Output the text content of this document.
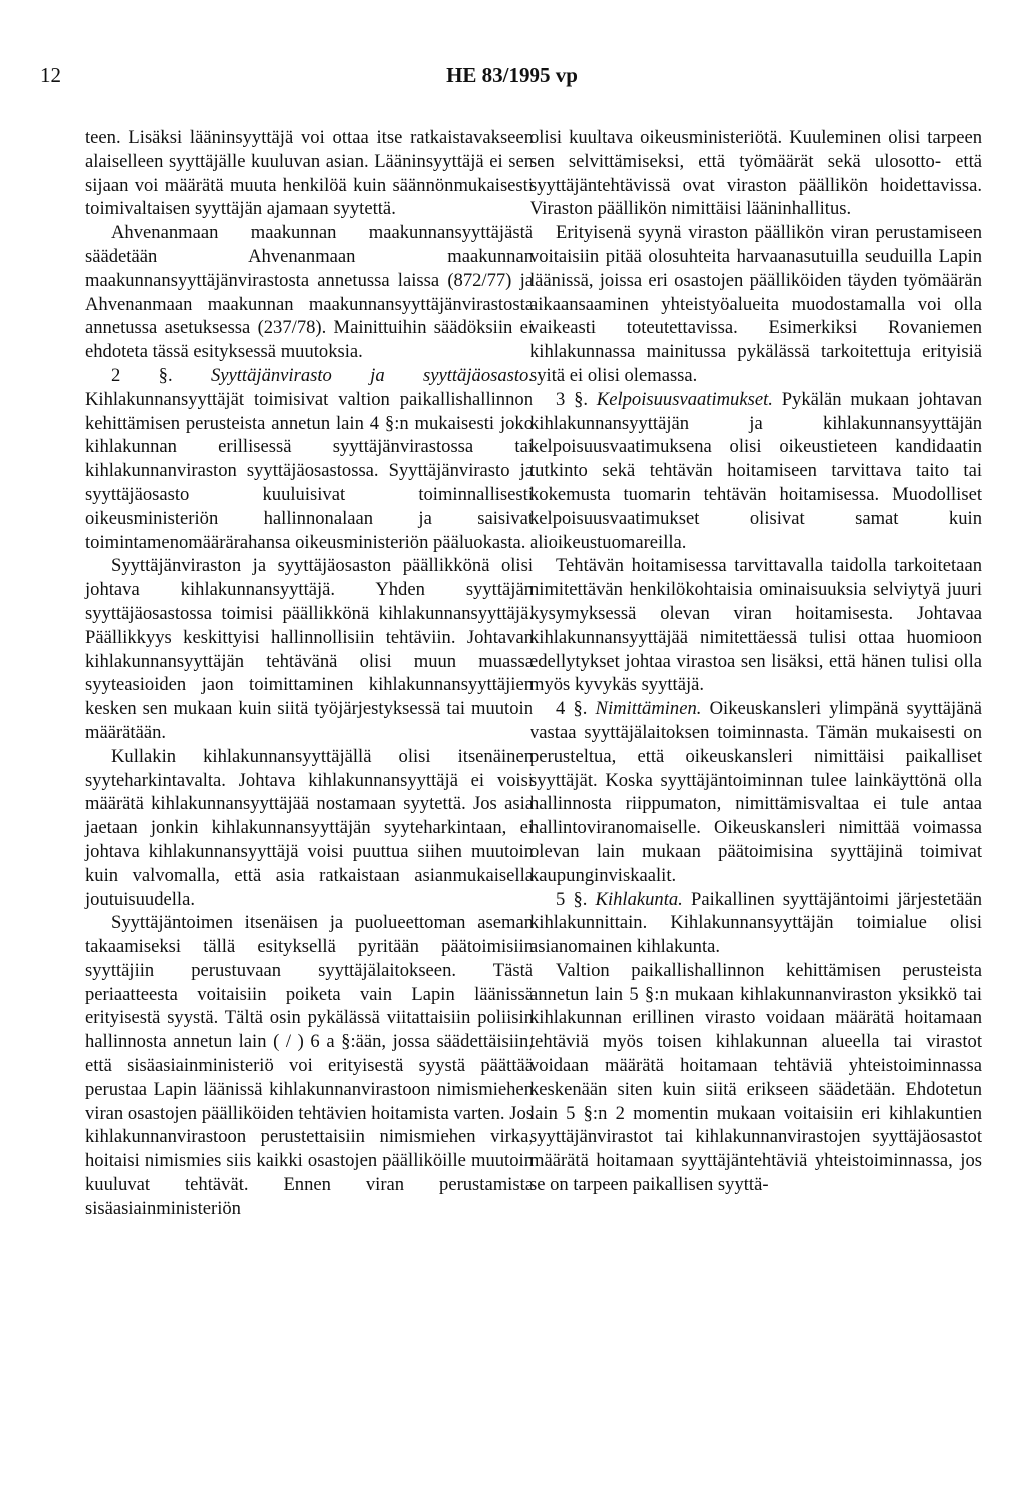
12	HE 83/1995 vp

teen. Lisäksi lääninsyyttäjä voi ottaa itse ratkaistavakseen alaiselleen syyttäjälle kuuluvan asian. Lääninsyyttäjä ei sen sijaan voi määrätä muuta henkilöä kuin säännönmukaisesti toimivaltaisen syyttäjän ajamaan syytettä.

Ahvenanmaan maakunnan maakunnansyyttäjästä säädetään Ahvenanmaan maakunnan maakunnansyyttäjänvirastosta annetussa laissa (872/77) ja Ahvenanmaan maakunnan maakunnansyyttäjänvirastosta annetussa asetuksessa (237/78). Mainittuihin säädöksiin ei ehdoteta tässä esityksessä muutoksia.

2 §. Syyttäjänvirasto ja syyttäjäosasto. Kihlakunnansyyttäjät toimisivat valtion paikallishallinnon kehittämisen perusteista annetun lain 4 §:n mukaisesti joko kihlakunnan erillisessä syyttäjänvirastossa tai kihlakunnanviraston syyttäjäosastossa. Syyttäjänvirasto ja syyttäjäosasto kuuluisivat toiminnallisesti oikeusministeriön hallinnonalaan ja saisivat toimintamenomäärärahansa oikeusministeriön pääluokasta.

Syyttäjänviraston ja syyttäjäosaston päällikkönä olisi johtava kihlakunnansyyttäjä. Yhden syyttäjän syyttäjäosastossa toimisi päällikkönä kihlakunnansyyttäjä. Päällikkyys keskittyisi hallinnollisiin tehtäviin. Johtavan kihlakunnansyyttäjän tehtävänä olisi muun muassa syyteasioiden jaon toimittaminen kihlakunnansyyttäjien kesken sen mukaan kuin siitä työjärjestyksessä tai muutoin määrätään.

Kullakin kihlakunnansyyttäjällä olisi itsenäinen syyteharkintavalta. Johtava kihlakunnansyyttäjä ei voisi määrätä kihlakunnansyyttäjää nostamaan syytettä. Jos asia jaetaan jonkin kihlakunnansyyttäjän syyteharkintaan, ei johtava kihlakunnansyyttäjä voisi puuttua siihen muutoin kuin valvomalla, että asia ratkaistaan asianmukaisella joutuisuudella.

Syyttäjäntoimen itsenäisen ja puolueettoman aseman takaamiseksi tällä esityksellä pyritään päätoimisiin syyttäjiin perustuvaan syyttäjälaitokseen. Tästä periaatteesta voitaisiin poiketa vain Lapin läänissä erityisestä syystä. Tältä osin pykälässä viitattaisiin poliisin hallinnosta annetun lain ( / ) 6 a §:ään, jossa säädettäisiin, että sisäasiainministeriö voi erityisestä syystä päättää perustaa Lapin läänissä kihlakunnanvirastoon nimismiehen viran osastojen päälliköiden tehtävien hoitamista varten. Jos kihlakunnanvirastoon perustettaisiin nimismiehen virka, hoitaisi nimismies siis kaikki osastojen päälliköille muutoin kuuluvat tehtävät. Ennen viran perustamista sisäasiainministeriön

olisi kuultava oikeusministeriötä. Kuuleminen olisi tarpeen sen selvittämiseksi, että työmäärät sekä ulosotto- että syyttäjäntehtävissä ovat viraston päällikön hoidettavissa. Viraston päällikön nimittäisi lääninhallitus.

Erityisenä syynä viraston päällikön viran perustamiseen voitaisiin pitää olosuhteita harvaanasutuilla seuduilla Lapin läänissä, joissa eri osastojen päälliköiden täyden työmäärän aikaansaaminen yhteistyöalueita muodostamalla voi olla vaikeasti toteutettavissa. Esimerkiksi Rovaniemen kihlakunnassa mainitussa pykälässä tarkoitettuja erityisiä syitä ei olisi olemassa.

3 §. Kelpoisuusvaatimukset. Pykälän mukaan johtavan kihlakunnansyyttäjän ja kihlakunnansyyttäjän kelpoisuusvaatimuksena olisi oikeustieteen kandidaatin tutkinto sekä tehtävän hoitamiseen tarvittava taito tai kokemusta tuomarin tehtävän hoitamisessa. Muodolliset kelpoisuusvaatimukset olisivat samat kuin alioikeustuomareilla.

Tehtävän hoitamisessa tarvittavalla taidolla tarkoitetaan nimitettävän henkilökohtaisia ominaisuuksia selviytyä juuri kysymyksessä olevan viran hoitamisesta. Johtavaa kihlakunnansyyttäjää nimitettäessä tulisi ottaa huomioon edellytykset johtaa virastoa sen lisäksi, että hänen tulisi olla myös kyvykäs syyttäjä.

4 §. Nimittäminen. Oikeuskansleri ylimpänä syyttäjänä vastaa syyttäjälaitoksen toiminnasta. Tämän mukaisesti on perusteltua, että oikeuskansleri nimittäisi paikalliset syyttäjät. Koska syyttäjäntoiminnan tulee lainkäyttönä olla hallinnosta riippumaton, nimittämisvaltaa ei tule antaa hallintoviranomaiselle. Oikeuskansleri nimittää voimassa olevan lain mukaan päätoimisina syyttäjinä toimivat kaupunginviskaalit.

5 §. Kihlakunta. Paikallinen syyttäjäntoimi järjestetään kihlakunnittain. Kihlakunnansyyttäjän toimialue olisi asianomainen kihlakunta.

Valtion paikallishallinnon kehittämisen perusteista annetun lain 5 §:n mukaan kihlakunnanviraston yksikkö tai kihlakunnan erillinen virasto voidaan määrätä hoitamaan tehtäviä myös toisen kihlakunnan alueella tai virastot voidaan määrätä hoitamaan tehtäviä yhteistoiminnassa keskenään siten kuin siitä erikseen säädetään. Ehdotetun lain 5 §:n 2 momentin mukaan voitaisiin eri kihlakuntien syyttäjänvirastot tai kihlakunnanvirastojen syyttäjäosastot määrätä hoitamaan syyttäjäntehtäviä yhteistoiminnassa, jos se on tarpeen paikallisen syyttä-
